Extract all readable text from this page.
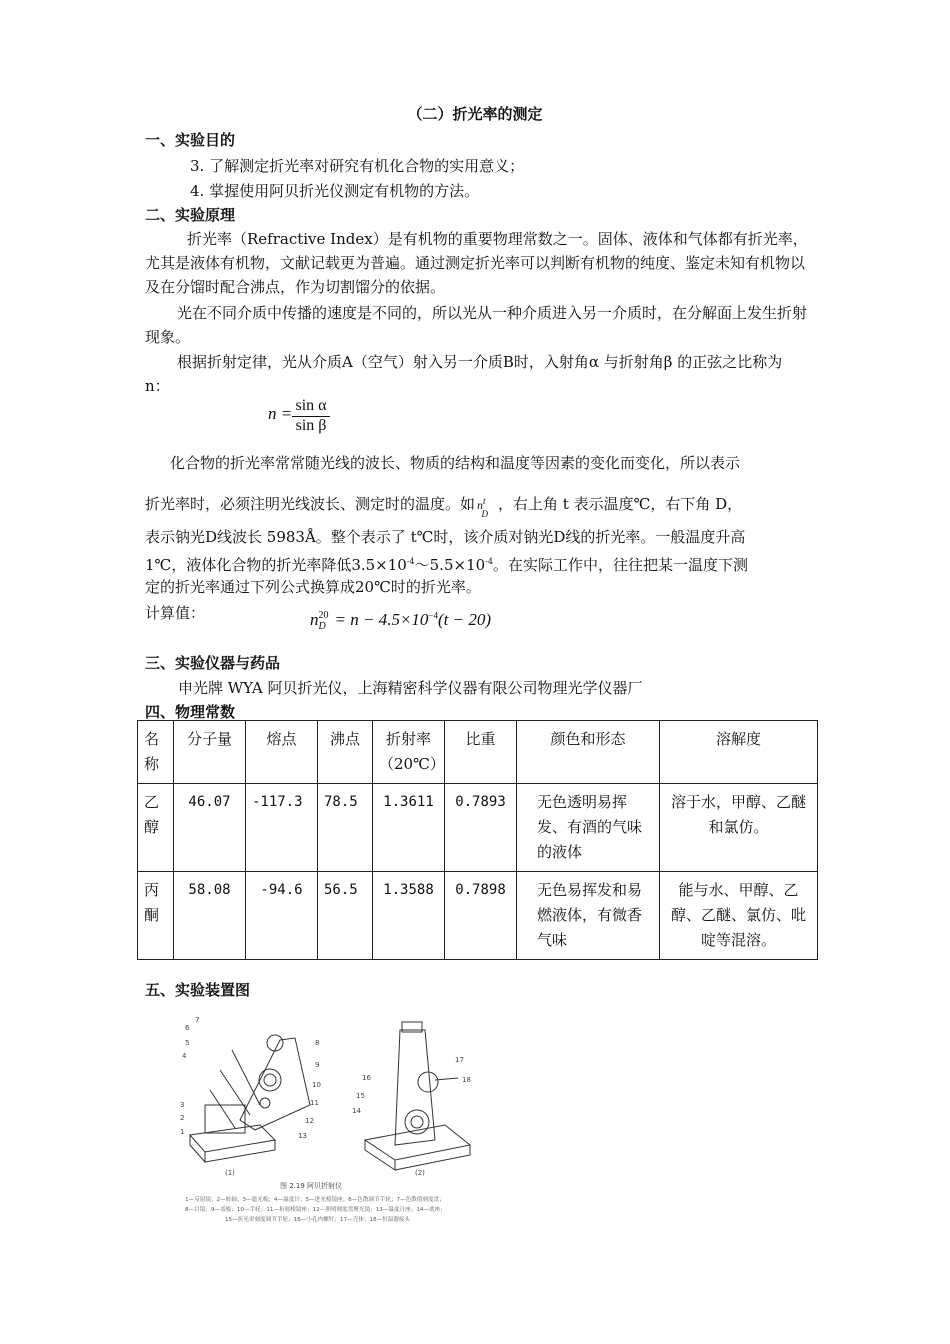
（二）折光率的测定
一、实验目的
3. 了解测定折光率对研究有机化合物的实用意义；
4. 掌握使用阿贝折光仪测定有机物的方法。
二、实验原理
折光率（Refractive Index）是有机物的重要物理常数之一。固体、液体和气体都有折光率，尤其是液体有机物，文献记载更为普遍。通过测定折光率可以判断有机物的纯度、鉴定未知有机物以及在分馏时配合沸点，作为切割馏分的依据。
光在不同介质中传播的速度是不同的，所以光从一种介质进入另一介质时，在分解面上发生折射现象。
根据折射定律，光从介质A（空气）射入另一介质B时，入射角α 与折射角β 的正弦之比称为 n：
$n = \frac{\text{sin α}}{\text{sin β}}$
化合物的折光率常常随光线的波长、物质的结构和温度等因素的变化而变化，所以表示
折光率时，必须注明光线波长、测定时的温度。如 $n^t_D$，右上角 t 表示温度℃，右下角 D，
表示钠光D线波长 5983Å。整个表示了 t℃时，该介质对钠光D线的折光率。一般温度升高
1℃，液体化合物的折光率降低$3.5\times 10^{-4}\sim 5.5\times 10^{-4}$。在实际工作中，往往把某一温度下测
定的折光率通过下列公式换算成20℃时的折光率。
计算值：	n 20
$D = n - 4.5\times 10^{-4}(t - 20)$
三、实验仪器与药品
申光牌 WYA 阿贝折光仪，上海精密科学仪器有限公司物理光学仪器厂
四、物理常数
名称	分子量	熔点	沸点	折射率（20℃）	比重	颜色和形态	溶解度
乙醇	46.07	-117.3	78.5	1.3611	0.7893	无色透明易挥发、有酒的气味的液体	溶于水，甲醇、乙醚和氯仿。
丙酮	58.08	-94.6	56.5	1.3588	0.7898	无色易挥发和易燃液体，有微香气味	能与水、甲醇、乙醇、乙醚、氯仿、吡啶等混溶。
五、实验装置图
1
2
3
4
5
6
7
8
9
10
11
12
13
14
15
16
17
18
(1)	(2)
图 2.19 阿贝折射仪
1—反射镜；2—转轴；3—遮光板；4—温度计；5—进光棱镜座；6—色散调节手轮；7—色散值刻度盘；
8—目镜；9—盖板；10—手轮；11—折射棱镜座；12—照明刻度盘聚光镜；13—温度计座；14—底座；
15—折光率刻度调节手轮；16—小孔内螺钉；17—壳体；18—恒温器接头
